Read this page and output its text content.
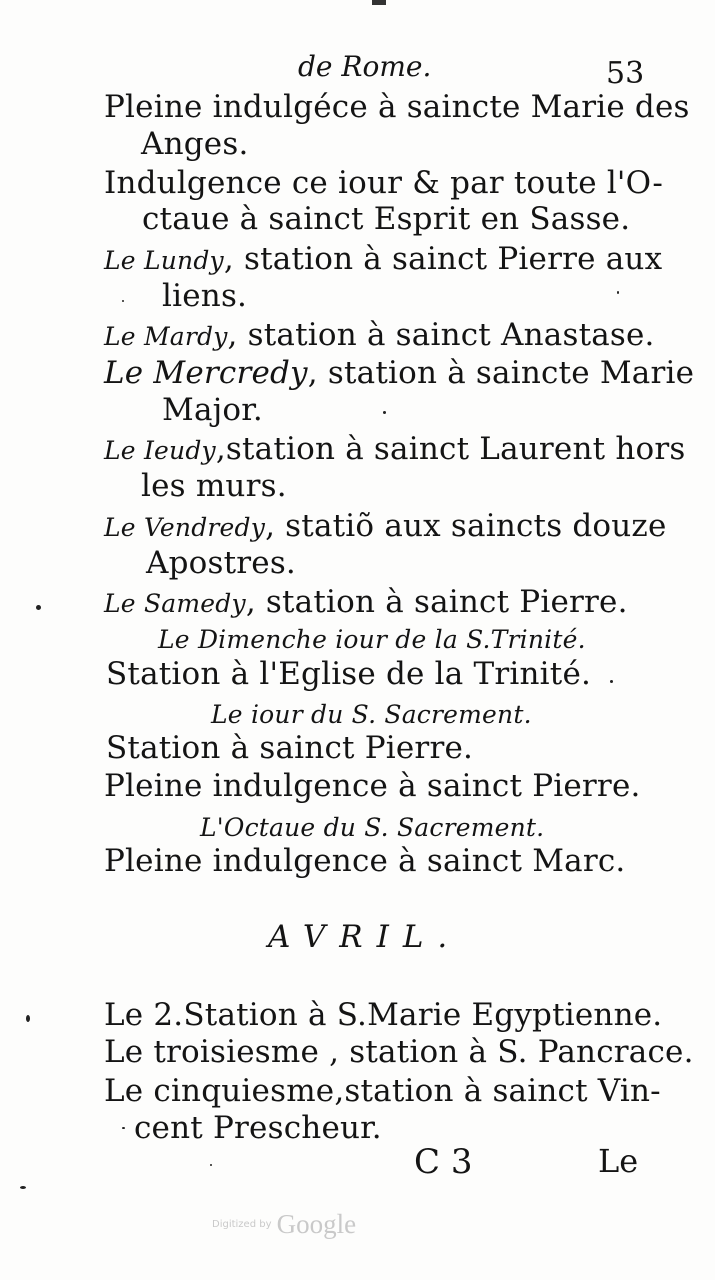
de Rome.	53
Pleine indulgéce à saincte Marie des
Anges.
Indulgence ce iour & par toute l'O-
ctaue à sainct Esprit en Sasse.
Le Lundy, station à sainct Pierre aux
liens.
Le Mardy, station à sainct Anastase.
Le Mercredy, station à saincte Marie
Major.
Le Ieudy,station à sainct Laurent hors
les murs.
Le Vendredy, statiõ aux saincts douze
Apostres.
Le Samedy, station à sainct Pierre.
Le Dimenche iour de la S.Trinité.
Station à l'Eglise de la Trinité.
Le iour du S. Sacrement.
Station à sainct Pierre.
Pleine indulgence à sainct Pierre.
L'Octaue du S. Sacrement.
Pleine indulgence à sainct Marc.
AVRIL.
Le 2.Station à S.Marie Egyptienne.
Le troisiesme , station à S. Pancrace.
Le cinquiesme,station à sainct Vin-
cent Prescheur.
C 3	Le
Digitized by Google
